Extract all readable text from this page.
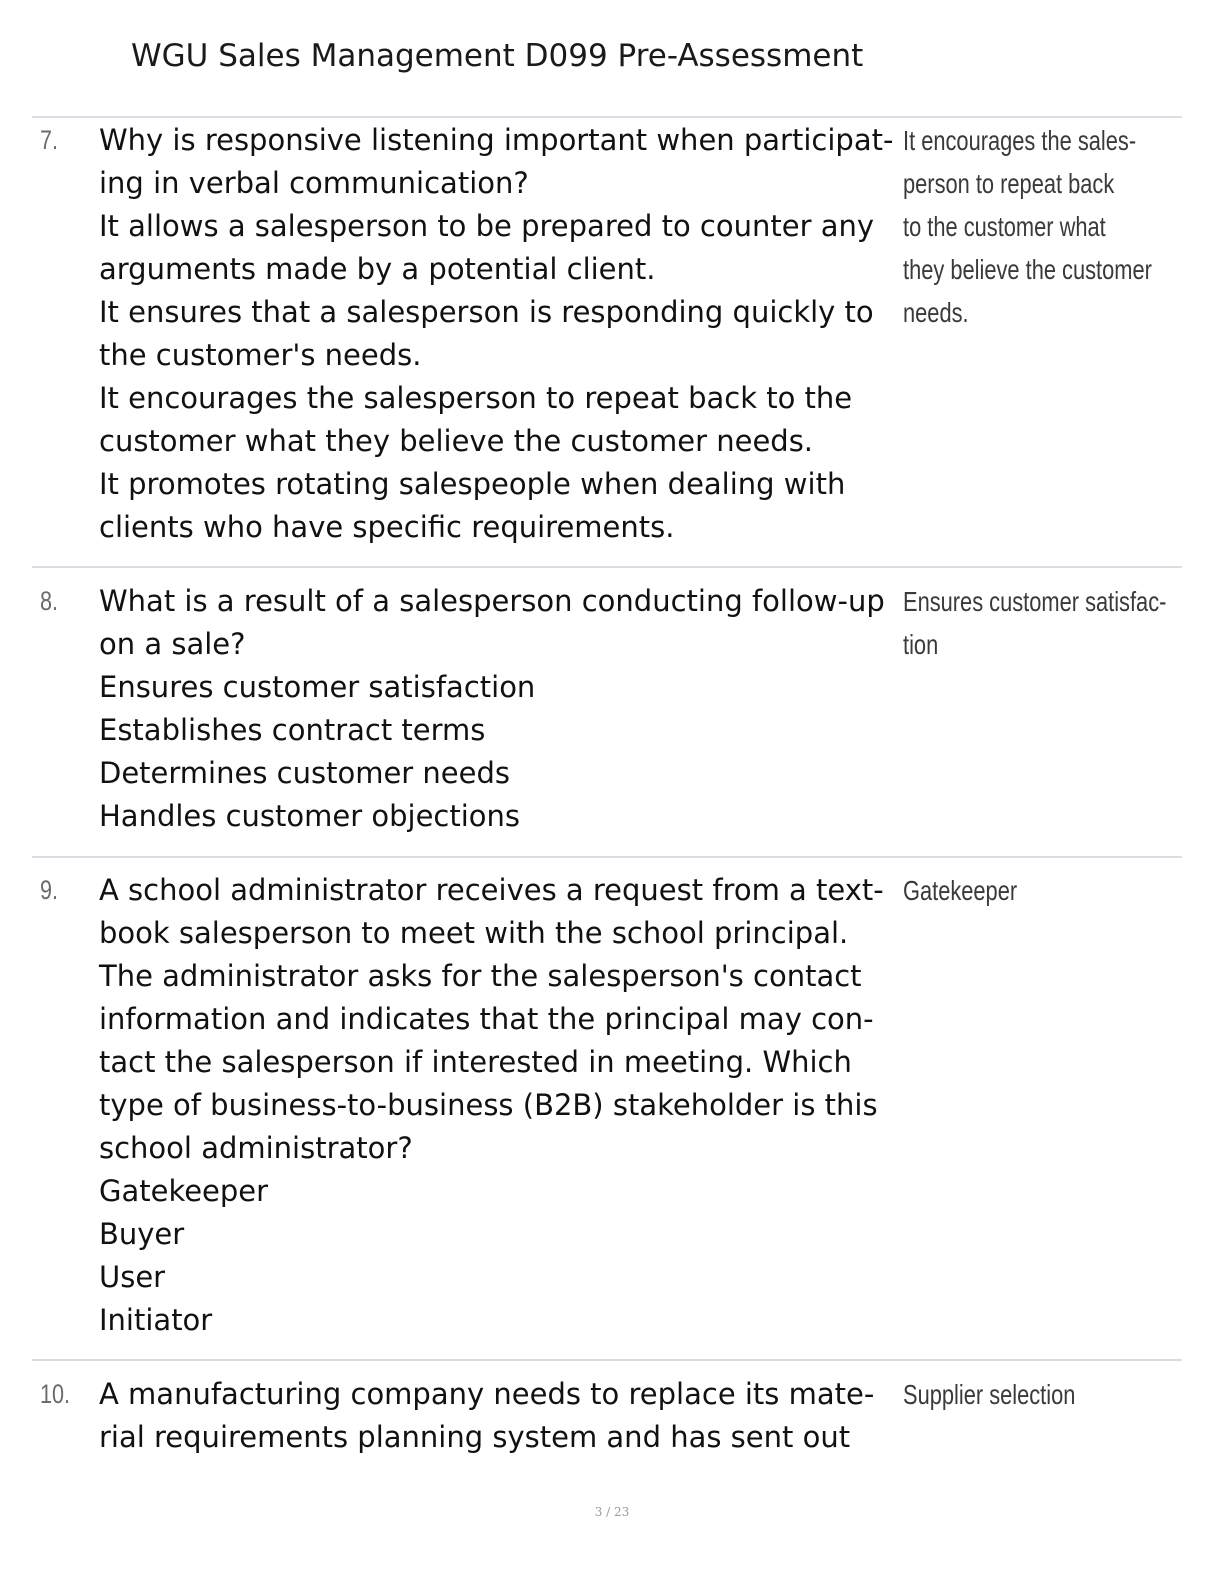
WGU Sales Management D099 Pre-Assessment
7. Why is responsive listening important when participat-
ing in verbal communication?
It allows a salesperson to be prepared to counter any
arguments made by a potential client.
It ensures that a salesperson is responding quickly to
the customer's needs.
It encourages the salesperson to repeat back to the
customer what they believe the customer needs.
It promotes rotating salespeople when dealing with
clients who have specific requirements.
It encourages the sales-
person to repeat back
to the customer what
they believe the customer
needs.
8. What is a result of a salesperson conducting follow-up
on a sale?
Ensures customer satisfaction
Establishes contract terms
Determines customer needs
Handles customer objections
Ensures customer satisfac-
tion
9. A school administrator receives a request from a text-
book salesperson to meet with the school principal.
The administrator asks for the salesperson's contact
information and indicates that the principal may con-
tact the salesperson if interested in meeting. Which
type of business-to-business (B2B) stakeholder is this
school administrator?
Gatekeeper
Buyer
User
Initiator
Gatekeeper
10. A manufacturing company needs to replace its mate-
rial requirements planning system and has sent out
Supplier selection
3 / 23
